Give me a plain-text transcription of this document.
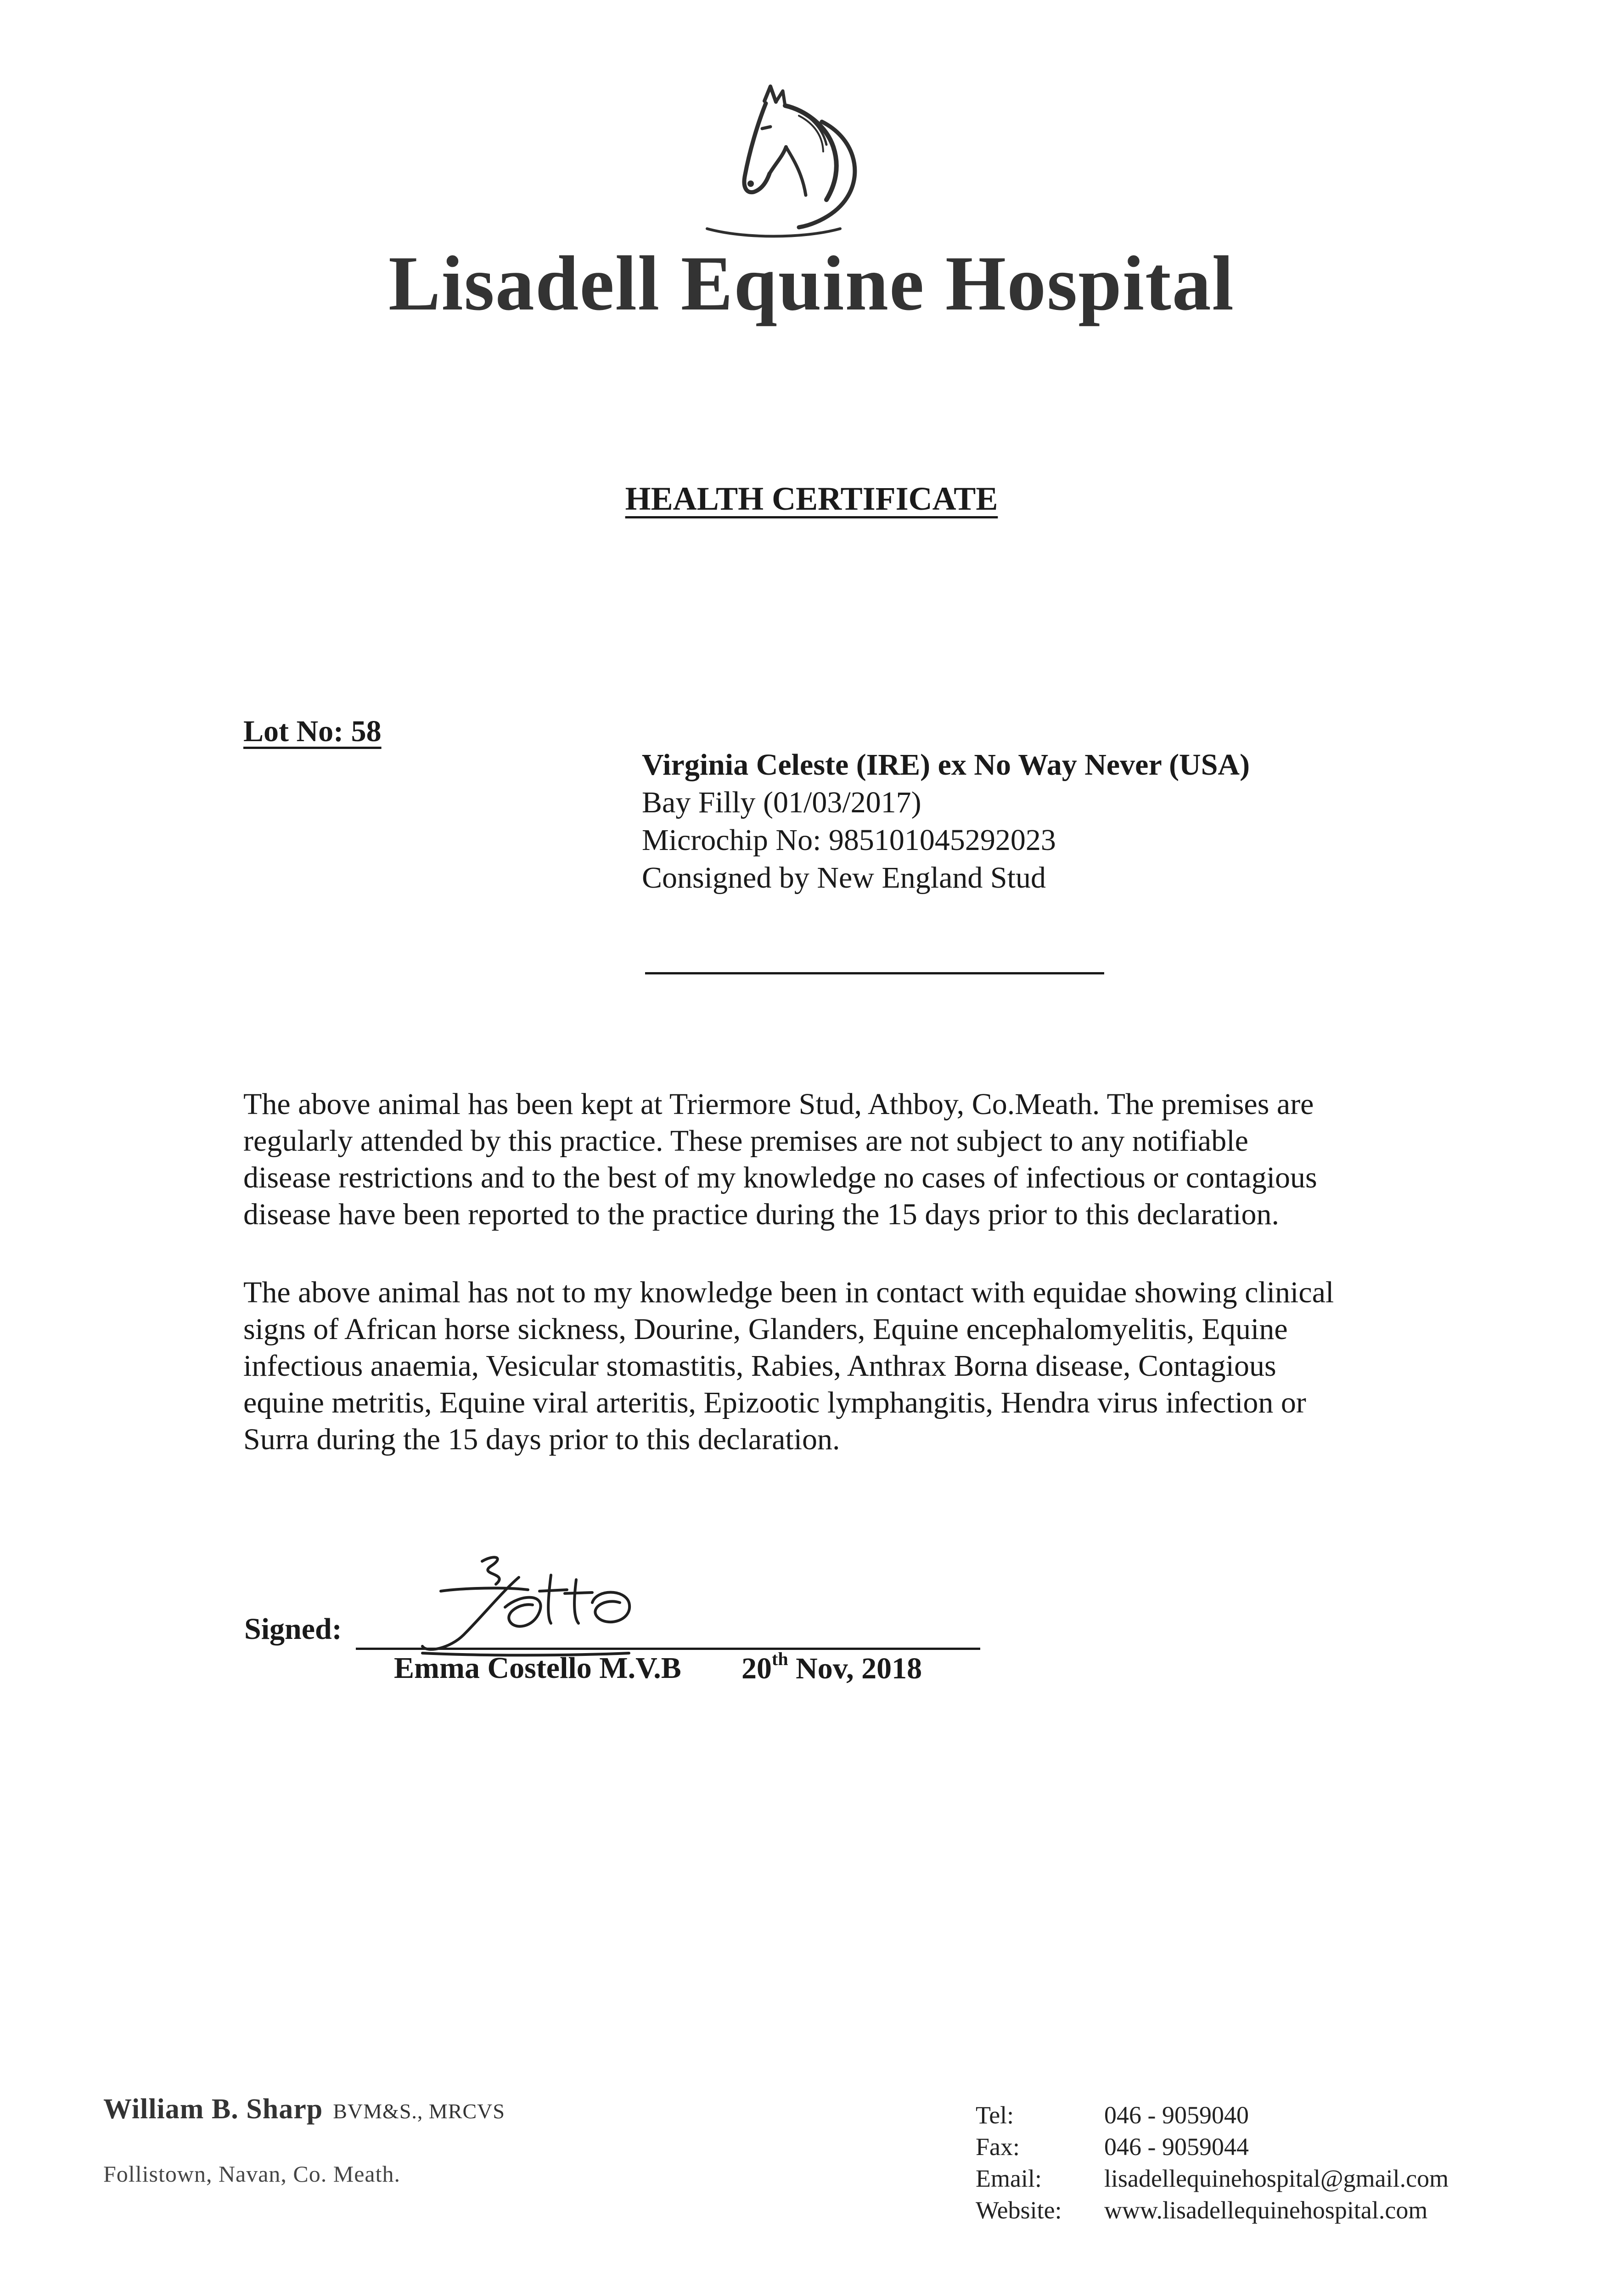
Lisadell Equine Hospital
HEALTH CERTIFICATE
Lot No: 58
Virginia Celeste (IRE) ex No Way Never (USA)
Bay Filly (01/03/2017)
Microchip No: 985101045292023
Consigned by New England Stud
The above animal has been kept at Triermore Stud, Athboy, Co.Meath. The premises are
regularly attended by this practice. These premises are not subject to any notifiable
disease restrictions and to the best of my knowledge no cases of infectious or contagious
disease have been reported to the practice during the 15 days prior to this declaration.
The above animal has not to my knowledge been in contact with equidae showing clinical
signs of African horse sickness, Dourine, Glanders, Equine encephalomyelitis, Equine
infectious anaemia, Vesicular stomastitis, Rabies, Anthrax Borna disease, Contagious
equine metritis, Equine viral arteritis, Epizootic lymphangitis, Hendra virus infection or
Surra during the 15 days prior to this declaration.
Signed:
Emma Costello M.V.B 20th Nov, 2018
William B. Sharp BVM&S., MRCVS
Follistown, Navan, Co. Meath.
Tel:	046 - 9059040
Fax:	046 - 9059044
Email:	lisadellequinehospital@gmail.com
Website: www.lisadellequinehospital.com
